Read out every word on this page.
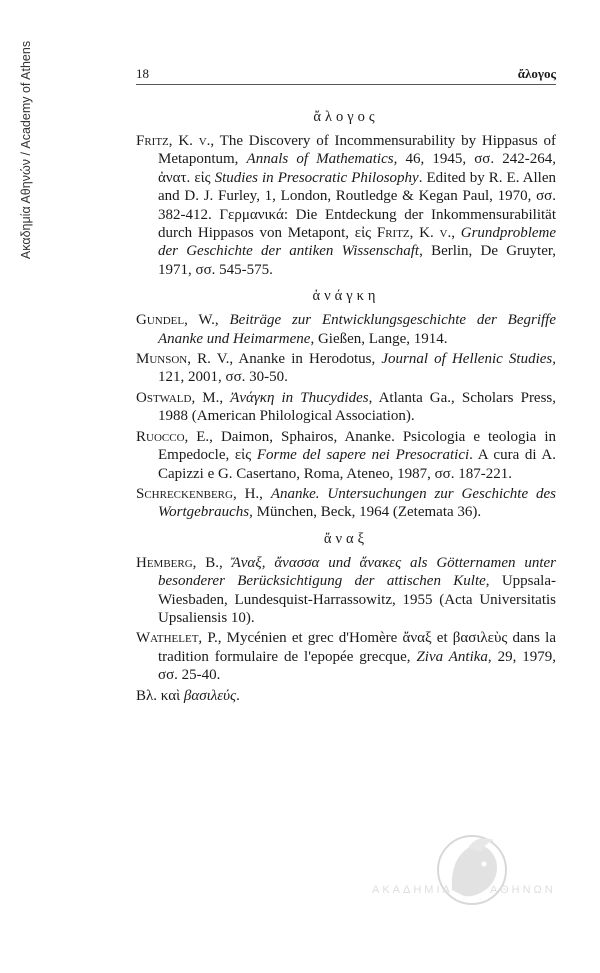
Ακαδημία Αθηνών / Academy of Athens	18	ἄλογος
ἄλογος

Fritz, K. v., The Discovery of Incommensurability by Hippasus of Metapontum, Annals of Mathematics, 46, 1945, σσ. 242-264, ἀνατ. εἰς Studies in Presocratic Philosophy. Edited by R. E. Allen and D. J. Furley, 1, London, Routledge & Kegan Paul, 1970, σσ. 382-412. Γερμανικά: Die Entdeckung der Inkommensurabilität durch Hippasos von Metapont, εἰς Fritz, K. v., Grundprobleme der Geschichte der antiken Wissenschaft, Berlin, De Gruyter, 1971, σσ. 545-575.

ἀνάγκη

Gundel, W., Beiträge zur Entwicklungsgeschichte der Begriffe Ananke und Heimarmene, Gießen, Lange, 1914.

Munson, R. V., Ananke in Herodotus, Journal of Hellenic Studies, 121, 2001, σσ. 30-50.

Ostwald, M., Ἀνάγκη in Thucydides, Atlanta Ga., Scholars Press, 1988 (American Philological Association).

Ruocco, E., Daimon, Sphairos, Ananke. Psicologia e teologia in Empedocle, εἰς Forme del sapere nei Presocratici. A cura di A. Capizzi e G. Casertano, Roma, Ateneo, 1987, σσ. 187-221.

Schreckenberg, H., Ananke. Untersuchungen zur Geschichte des Wortgebrauchs, München, Beck, 1964 (Zetemata 36).

ἄναξ

Hemberg, B., Ἄναξ, ἄνασσα und ἄνακες als Götternamen unter besonderer Berücksichtigung der attischen Kulte, Uppsala-Wiesbaden, Lundesquist-Harrassowitz, 1955 (Acta Universitatis Upsaliensis 10).

Wathelet, P., Mycénien et grec d'Homère ἄναξ et βασιλεὺς dans la tradition formulaire de l'epopée grecque, Ziva Antika, 29, 1979, σσ. 25-40.

Βλ. καὶ βασιλεύς.

ΑΚΑΔΗΜΙΑ	ΑΘΗΝΩΝ
